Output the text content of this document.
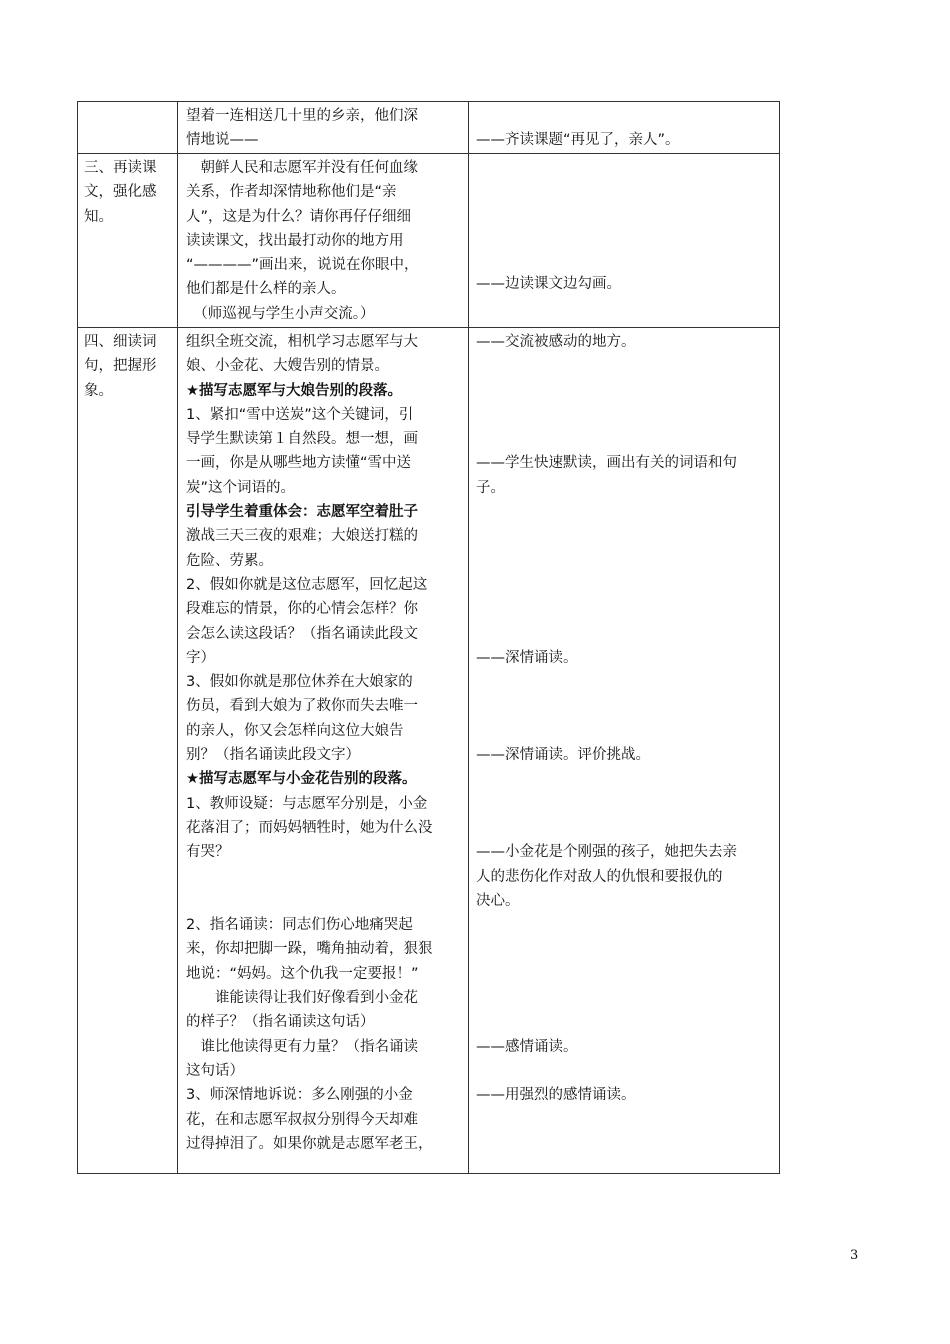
望着一连相送几十里的乡亲，他们深
情地说——	——齐读课题“再见了，亲人”。
三、再读课
文，强化感
知。
　朝鲜人民和志愿军并没有任何血缘
关系，作者却深情地称他们是“亲
人”，这是为什么？请你再仔仔细细
读读课文，找出最打动你的地方用
“————”画出来，说说在你眼中，
他们都是什么样的亲人。
　（师巡视与学生小声交流。）
——边读课文边勾画。
四、细读词
句，把握形
象。
组织全班交流，相机学习志愿军与大
娘、小金花、大嫂告别的情景。
★描写志愿军与大娘告别的段落。
1、紧扣“雪中送炭”这个关键词，引
导学生默读第１自然段。想一想，画
一画，你是从哪些地方读懂“雪中送
炭”这个词语的。
引导学生着重体会：志愿军空着肚子
激战三天三夜的艰难；大娘送打糕的
危险、劳累。
2、假如你就是这位志愿军，回忆起这
段难忘的情景，你的心情会怎样？你
会怎么读这段话？（指名诵读此段文
字）
3、假如你就是那位休养在大娘家的
伤员，看到大娘为了救你而失去唯一
的亲人，你又会怎样向这位大娘告
别？（指名诵读此段文字）
★描写志愿军与小金花告别的段落。
1、教师设疑：与志愿军分别是，小金
花落泪了；而妈妈牺牲时，她为什么没
有哭？
2、指名诵读：同志们伤心地痛哭起
来，你却把脚一跺，嘴角抽动着，狠狠
地说：“妈妈。这个仇我一定要报！”
　　谁能读得让我们好像看到小金花
的样子？（指名诵读这句话）
　谁比他读得更有力量？（指名诵读
这句话）
3、师深情地诉说：多么刚强的小金
花，在和志愿军叔叔分别得今天却难
过得掉泪了。如果你就是志愿军老王，
——交流被感动的地方。
——学生快速默读，画出有关的词语和句
子。
——深情诵读。
——深情诵读。评价挑战。
——小金花是个刚强的孩子，她把失去亲
人的悲伤化作对敌人的仇恨和要报仇的
决心。
——感情诵读。
——用强烈的感情诵读。
3
